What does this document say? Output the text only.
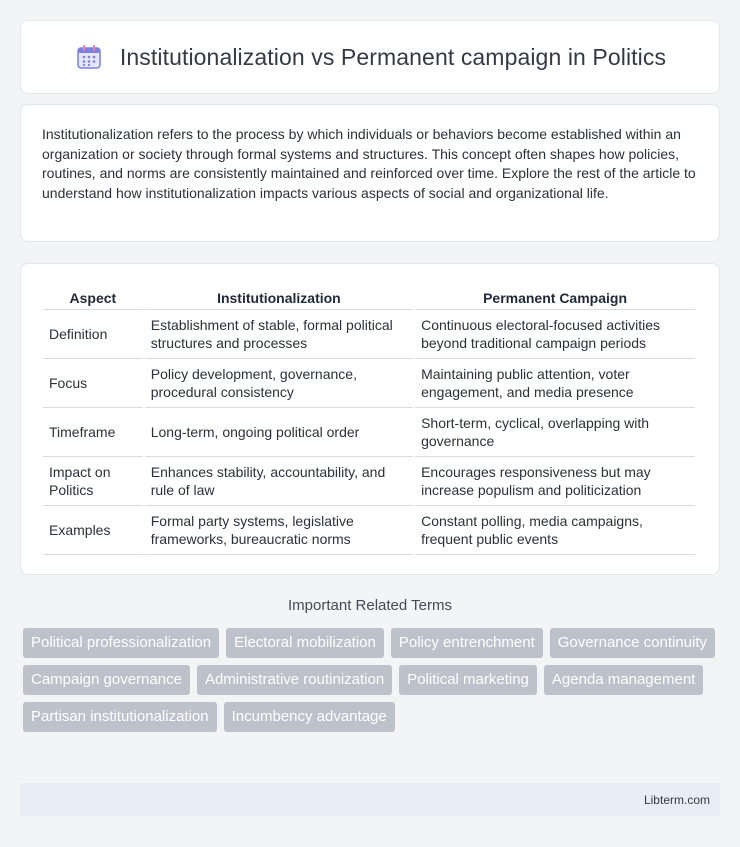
Institutionalization vs Permanent campaign in Politics

Institutionalization refers to the process by which individuals or behaviors become established within an organization or society through formal systems and structures. This concept often shapes how policies, routines, and norms are consistently maintained and reinforced over time. Explore the rest of the article to understand how institutionalization impacts various aspects of social and organizational life.

Aspect	Institutionalization	Permanent Campaign
Definition	Establishment of stable, formal political structures and processes	Continuous electoral-focused activities beyond traditional campaign periods
Focus	Policy development, governance, procedural consistency	Maintaining public attention, voter engagement, and media presence
Timeframe	Long-term, ongoing political order	Short-term, cyclical, overlapping with governance
Impact on Politics	Enhances stability, accountability, and rule of law	Encourages responsiveness but may increase populism and politicization
Examples	Formal party systems, legislative frameworks, bureaucratic norms	Constant polling, media campaigns, frequent public events
Important Related Terms
Political professionalization	Electoral mobilization	Policy entrenchment	Governance continuity
Campaign governance	Administrative routinization	Political marketing	Agenda management
Partisan institutionalization	Incumbency advantage
Libterm.com
